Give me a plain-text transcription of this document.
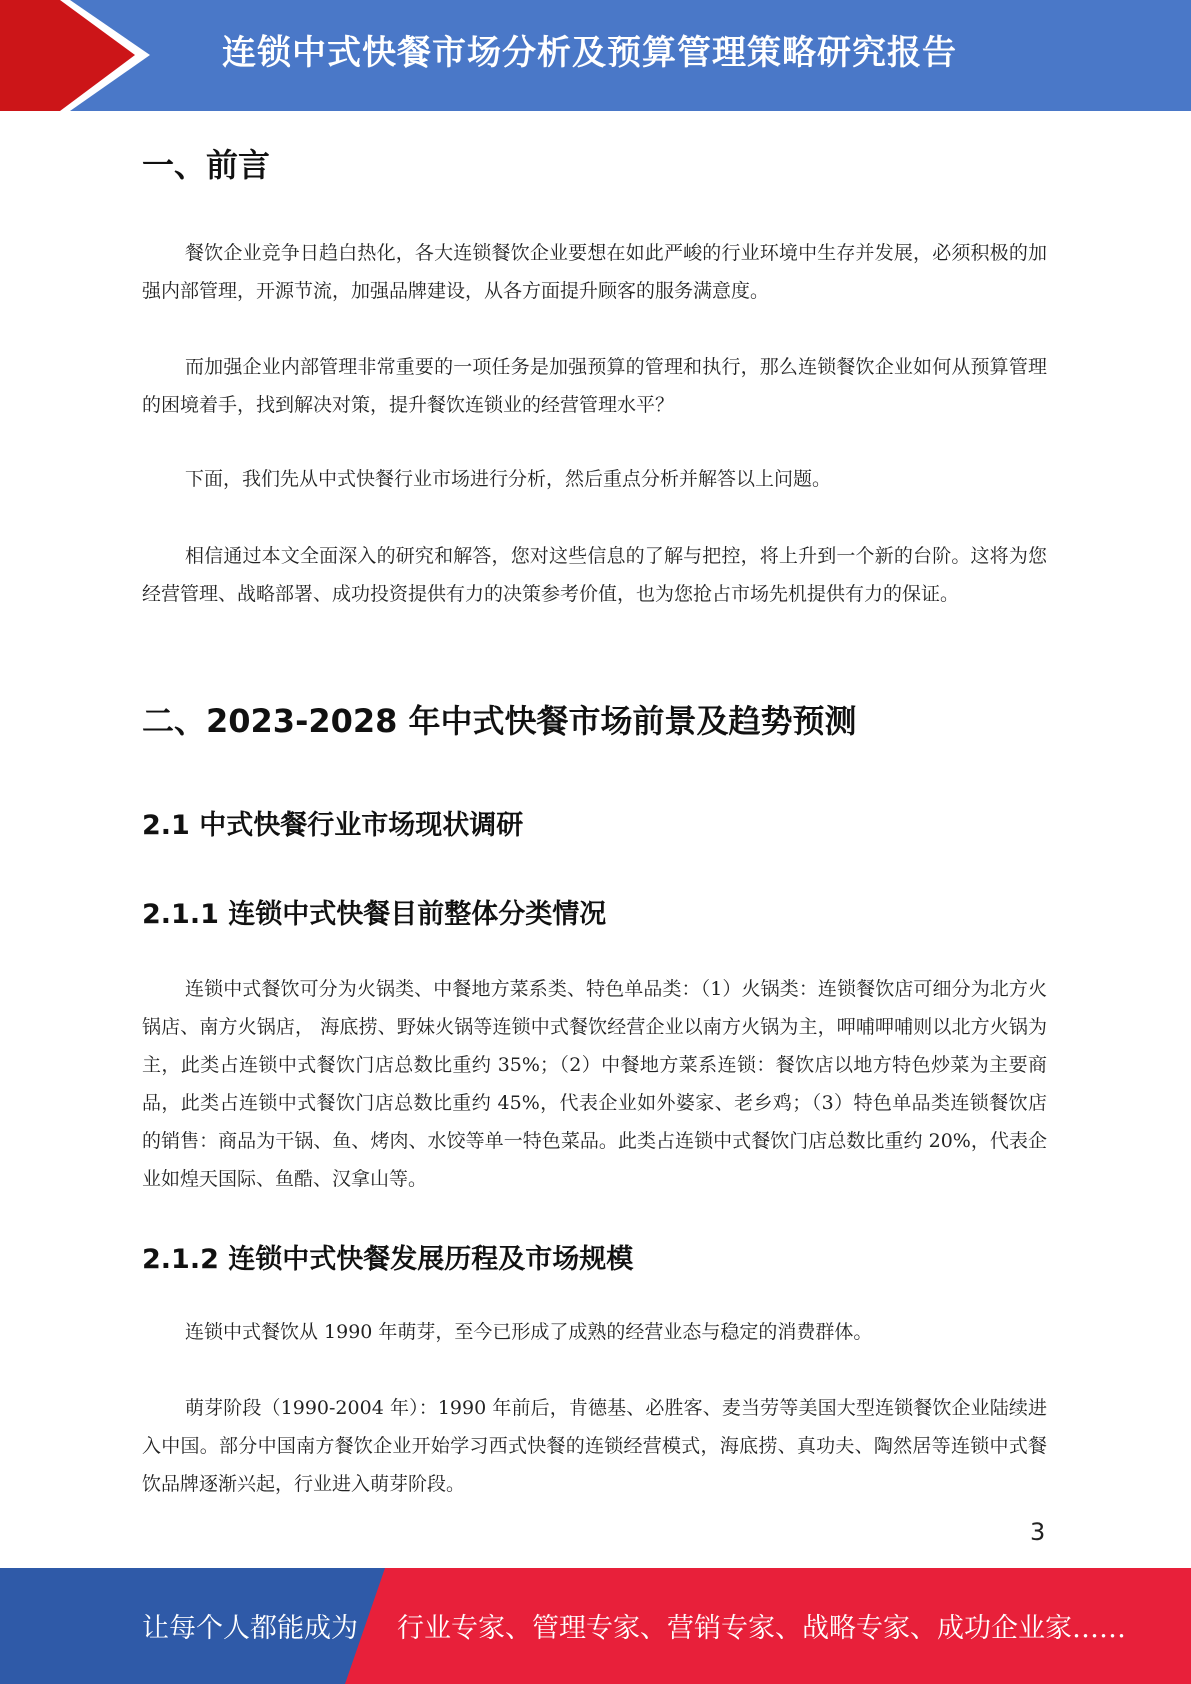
连锁中式快餐市场分析及预算管理策略研究报告
一、前言
餐饮企业竞争日趋白热化，各大连锁餐饮企业要想在如此严峻的行业环境中生存并发展，必须积极的加强内部管理，开源节流，加强品牌建设，从各方面提升顾客的服务满意度。
而加强企业内部管理非常重要的一项任务是加强预算的管理和执行，那么连锁餐饮企业如何从预算管理的困境着手，找到解决对策，提升餐饮连锁业的经营管理水平？
下面，我们先从中式快餐行业市场进行分析，然后重点分析并解答以上问题。
相信通过本文全面深入的研究和解答，您对这些信息的了解与把控，将上升到一个新的台阶。这将为您经营管理、战略部署、成功投资提供有力的决策参考价值，也为您抢占市场先机提供有力的保证。
二、2023-2028 年中式快餐市场前景及趋势预测
2.1 中式快餐行业市场现状调研
2.1.1 连锁中式快餐目前整体分类情况
连锁中式餐饮可分为火锅类、中餐地方菜系类、特色单品类：（1）火锅类：连锁餐饮店可细分为北方火锅店、南方火锅店， 海底捞、野妹火锅等连锁中式餐饮经营企业以南方火锅为主，呷哺呷哺则以北方火锅为主，此类占连锁中式餐饮门店总数比重约 35%；（2）中餐地方菜系连锁：餐饮店以地方特色炒菜为主要商品，此类占连锁中式餐饮门店总数比重约 45%，代表企业如外婆家、老乡鸡；（3）特色单品类连锁餐饮店的销售：商品为干锅、鱼、烤肉、水饺等单一特色菜品。此类占连锁中式餐饮门店总数比重约 20%，代表企业如煌天国际、鱼酷、汉拿山等。
2.1.2 连锁中式快餐发展历程及市场规模
连锁中式餐饮从 1990 年萌芽，至今已形成了成熟的经营业态与稳定的消费群体。
萌芽阶段（1990-2004 年）：1990 年前后，肯德基、必胜客、麦当劳等美国大型连锁餐饮企业陆续进入中国。部分中国南方餐饮企业开始学习西式快餐的连锁经营模式，海底捞、真功夫、陶然居等连锁中式餐饮品牌逐渐兴起，行业进入萌芽阶段。
3
让每个人都能成为 行业专家、管理专家、营销专家、战略专家、成功企业家……
